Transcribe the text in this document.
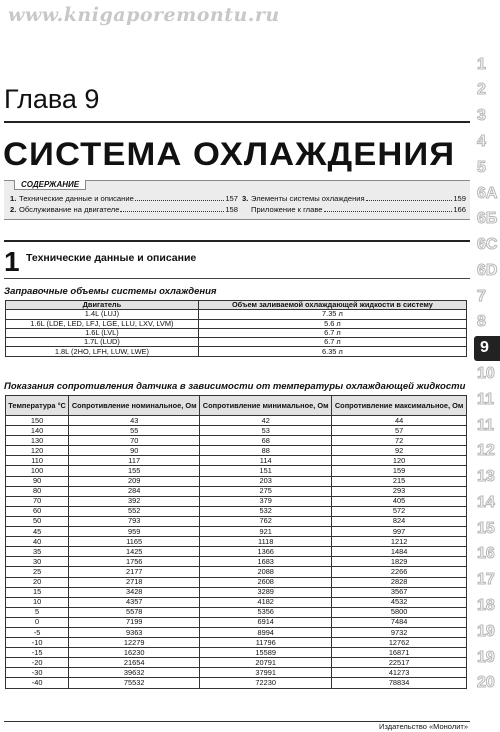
www.knigaporemontu.ru
1
2
3
4
5
6A
6Б
6C
6D
7
8
9
10
11
11
12
13
14
15
16
17
18
19
19
20
Глава 9
СИСТЕМА ОХЛАЖДЕНИЯ
СОДЕРЖАНИЕ
1. Технические данные и описание	157
2. Обслуживание на двигателе	158
3. Элементы системы охлаждения	159
Приложение к главе	166
1 Технические данные и описание
Заправочные объемы системы охлаждения
Двигатель	Объем заливаемой охлаждающей жидкости в систему
1.4L (LUJ)	7.35 л
1.6L (LDE, LED, LFJ, LGE, LLU, LXV, LVM)	5.6 л
1.6L (LVL)	6.7 л
1.7L (LUD)	6.7 л
1.8L (2HO, LFH, LUW, LWE)	6.35 л
Показания сопротивления датчика в зависимости от температуры охлаждающей жидкости
Температура °С	Сопротивление номинальное, Ом	Сопротивление минимальное, Ом	Сопротивление максимальное, Ом
150	43	42	44
140	55	53	57
130	70	68	72
120	90	88	92
110	117	114	120
100	155	151	159
90	209	203	215
80	284	275	293
70	392	379	405
60	552	532	572
50	793	762	824
45	959	921	997
40	1165	1118	1212
35	1425	1366	1484
30	1756	1683	1829
25	2177	2088	2266
20	2718	2608	2828
15	3428	3289	3567
10	4357	4182	4532
5	5578	5356	5800
0	7199	6914	7484
-5	9363	8994	9732
-10	12279	11796	12762
-15	16230	15589	16871
-20	21654	20791	22517
-30	39632	37991	41273
-40	75532	72230	78834
Издательство «Монолит»
